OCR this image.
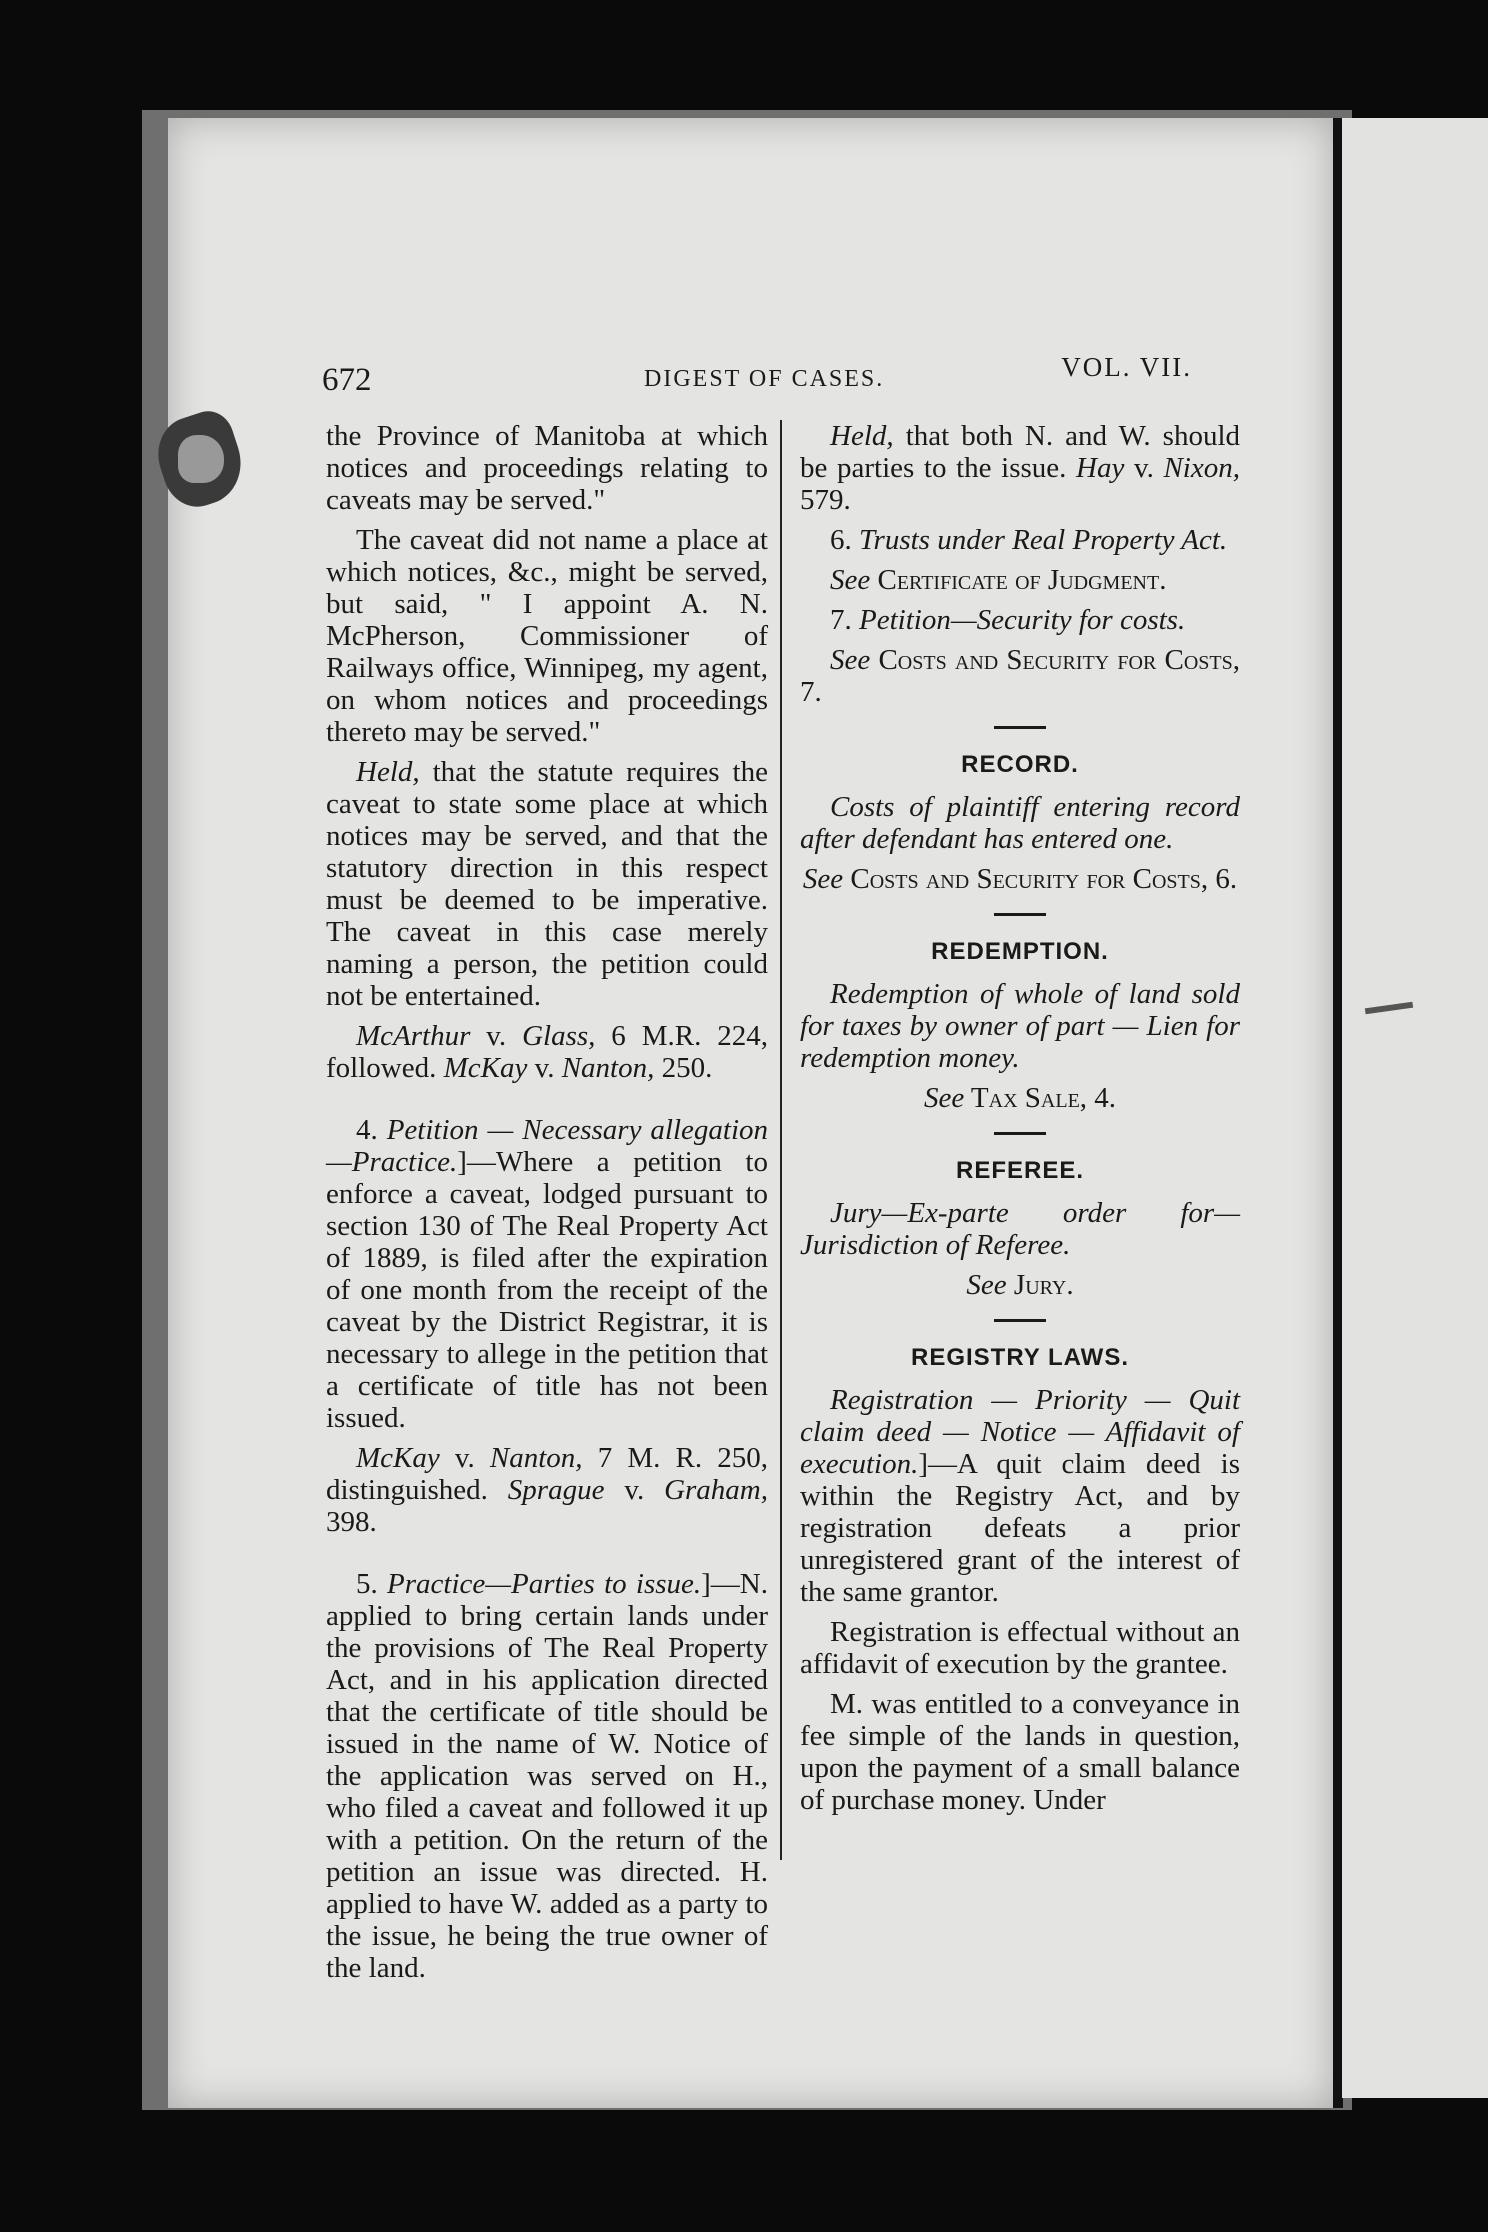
672	DIGEST OF CASES.	VOL. VII.

the Province of Manitoba at which notices and proceedings relating to caveats may be served."

The caveat did not name a place at which notices, &c., might be served, but said, " I appoint A. N. McPherson, Commissioner of Railways office, Winnipeg, my agent, on whom notices and proceedings thereto may be served."

Held, that the statute requires the caveat to state some place at which notices may be served, and that the statutory direction in this respect must be deemed to be imperative. The caveat in this case merely naming a person, the petition could not be entertained.

McArthur v. Glass, 6 M.R. 224, followed. McKay v. Nanton, 250.

4. Petition — Necessary allegation—Practice.]—Where a petition to enforce a caveat, lodged pursuant to section 130 of The Real Property Act of 1889, is filed after the expiration of one month from the receipt of the caveat by the District Registrar, it is necessary to allege in the petition that a certificate of title has not been issued.

McKay v. Nanton, 7 M. R. 250, distinguished. Sprague v. Graham, 398.

5. Practice—Parties to issue.]—N. applied to bring certain lands under the provisions of The Real Property Act, and in his application directed that the certificate of title should be issued in the name of W. Notice of the application was served on H., who filed a caveat and followed it up with a petition. On the return of the petition an issue was directed. H. applied to have W. added as a party to the issue, he being the true owner of the land.

Held, that both N. and W. should be parties to the issue. Hay v. Nixon, 579.

6. Trusts under Real Property Act.

See Certificate of Judgment.

7. Petition—Security for costs.

See Costs and Security for Costs, 7.

RECORD.

Costs of plaintiff entering record after defendant has entered one.

See Costs and Security for Costs, 6.

REDEMPTION.

Redemption of whole of land sold for taxes by owner of part — Lien for redemption money.

See Tax Sale, 4.

REFEREE.

Jury—Ex-parte order for—Jurisdiction of Referee.

See Jury.

REGISTRY LAWS.

Registration — Priority — Quit claim deed — Notice — Affidavit of execution.]—A quit claim deed is within the Registry Act, and by registration defeats a prior unregistered grant of the interest of the same grantor.

Registration is effectual without an affidavit of execution by the grantee.

M. was entitled to a conveyance in fee simple of the lands in question, upon the payment of a small balance of purchase money. Under
